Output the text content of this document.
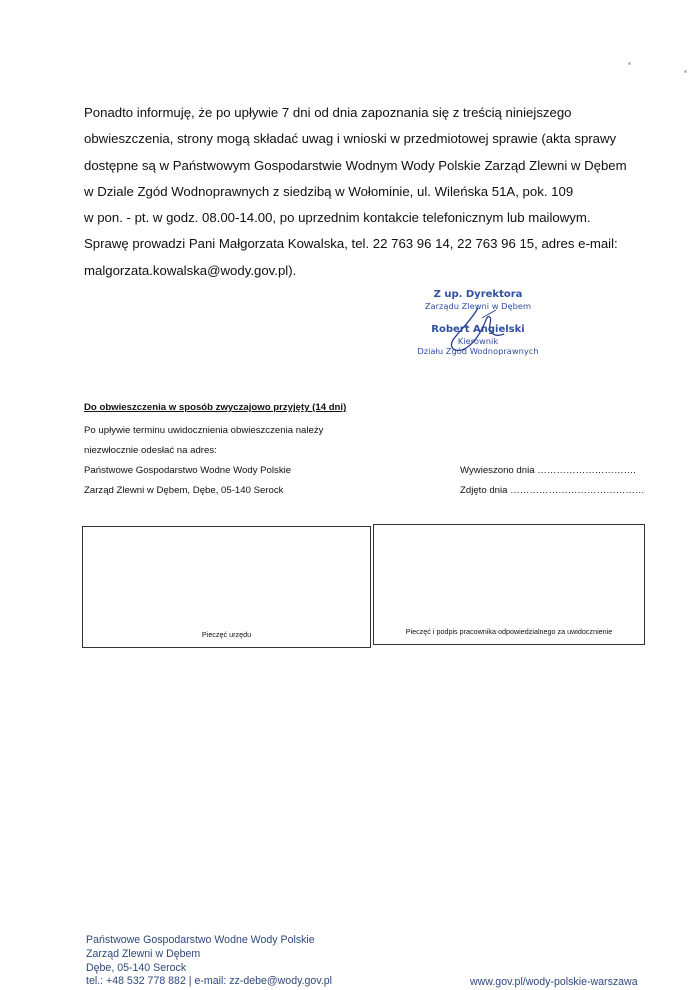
Ponadto informuję, że po upływie 7 dni od dnia zapoznania się z treścią niniejszego
obwieszczenia, strony mogą składać uwag i wnioski w przedmiotowej sprawie (akta sprawy
dostępne są w Państwowym Gospodarstwie Wodnym Wody Polskie Zarząd Zlewni w Dębem
w Dziale Zgód Wodnoprawnych z siedzibą w Wołominie, ul. Wileńska 51A, pok. 109
w pon. - pt. w godz. 08.00-14.00, po uprzednim kontakcie telefonicznym lub mailowym.
Sprawę prowadzi Pani Małgorzata Kowalska, tel. 22 763 96 14, 22 763 96 15, adres e-mail:
malgorzata.kowalska@wody.gov.pl).
Z up. Dyrektora
Zarządu Zlewni w Dębem
Robert Angielski
Kierownik
Działu Zgód Wodnoprawnych
Do obwieszczenia w sposób zwyczajowo przyjęty (14 dni)
Po upływie terminu uwidocznienia obwieszczenia należy
niezwłocznie odesłać na adres:
Państwowe Gospodarstwo Wodne Wody Polskie
Zarząd Zlewni w Dębem, Dębe, 05-140 Serock
Wywieszono dnia ………………………….
Zdjęto dnia ……………………………………
Pieczęć urzędu	Pieczęć i podpis pracownika odpowiedzialnego za uwidocznienie
Państwowe Gospodarstwo Wodne Wody Polskie
Zarząd Zlewni w Dębem
Dębe, 05-140 Serock
tel.: +48 532 778 882 | e-mail: zz-debe@wody.gov.pl	www.gov.pl/wody-polskie-warszawa
